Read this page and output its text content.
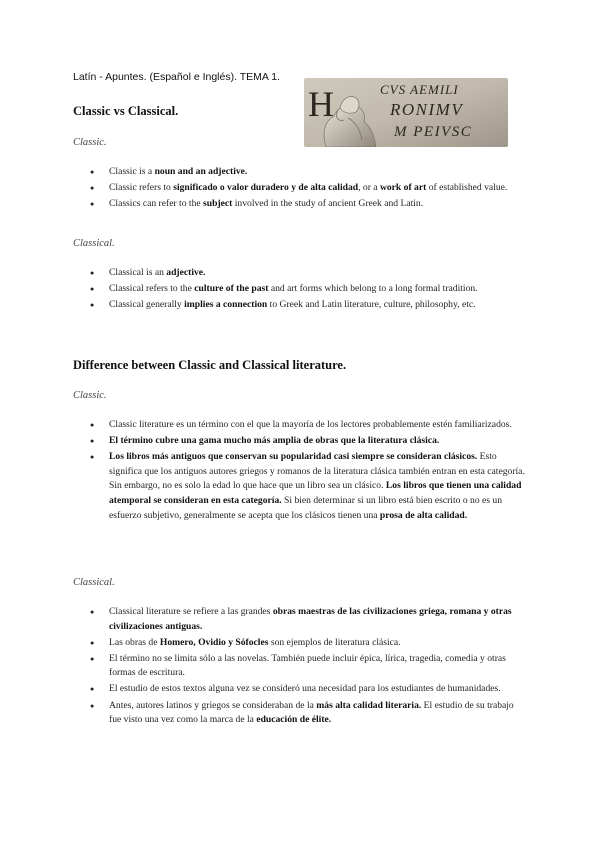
Latín - Apuntes. (Español e Inglés). TEMA 1.
H	CVS AEMILI
RONIMV
M PEIVSC
Classic vs Classical.
Classic.
● Classic is a noun and an adjective.
● Classic refers to significado o valor duradero y de alta calidad, or a work of art of established value.
● Classics can refer to the subject involved in the study of ancient Greek and Latin.
Classical.
● Classical is an adjective.
● Classical refers to the culture of the past and art forms which belong to a long formal tradition.
● Classical generally implies a connection to Greek and Latin literature, culture, philosophy, etc.
Difference between Classic and Classical literature.
Classic.
● Classic literature es un término con el que la mayoría de los lectores probablemente estén familiarizados.
● El término cubre una gama mucho más amplia de obras que la literatura clásica.
● Los libros más antiguos que conservan su popularidad casi siempre se consideran clásicos. Esto significa que los antiguos autores griegos y romanos de la literatura clásica también entran en esta categoría. Sin embargo, no es solo la edad lo que hace que un libro sea un clásico. Los libros que tienen una calidad atemporal se consideran en esta categoría. Si bien determinar si un libro está bien escrito o no es un esfuerzo subjetivo, generalmente se acepta que los clásicos tienen una prosa de alta calidad.
Classical.
● Classical literature se refiere a las grandes obras maestras de las civilizaciones griega, romana y otras civilizaciones antiguas.
● Las obras de Homero, Ovidio y Sófocles son ejemplos de literatura clásica.
● El término no se limita sólo a las novelas. También puede incluir épica, lírica, tragedia, comedia y otras formas de escritura.
● El estudio de estos textos alguna vez se consideró una necesidad para los estudiantes de humanidades.
● Antes, autores latinos y griegos se consideraban de la más alta calidad literaria. El estudio de su trabajo fue visto una vez como la marca de la educación de élite.
